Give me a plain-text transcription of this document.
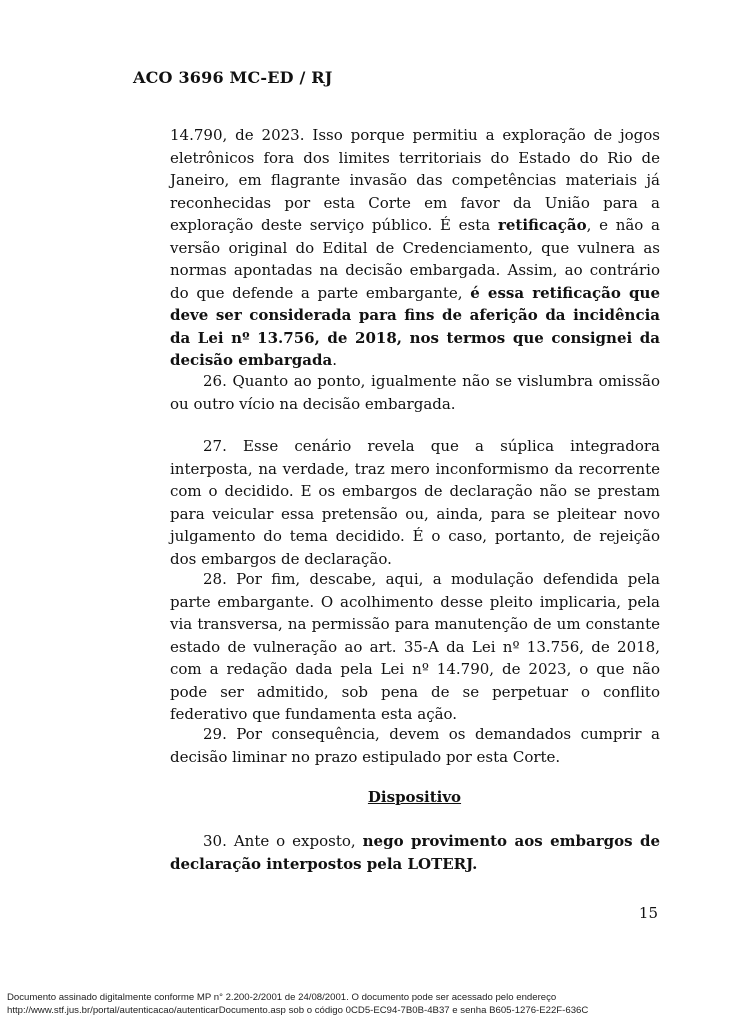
ACO 3696 MC-ED / RJ

14.790, de 2023. Isso porque permitiu a exploração de jogos eletrônicos fora dos limites territoriais do Estado do Rio de Janeiro, em flagrante invasão das competências materiais já reconhecidas por esta Corte em favor da União para a exploração deste serviço público. É esta retificação, e não a versão original do Edital de Credenciamento, que vulnera as normas apontadas na decisão embargada. Assim, ao contrário do que defende a parte embargante, é essa retificação que deve ser considerada para fins de aferição da incidência da Lei nº 13.756, de 2018, nos termos que consignei da decisão embargada.

26. Quanto ao ponto, igualmente não se vislumbra omissão ou outro vício na decisão embargada.

27. Esse cenário revela que a súplica integradora interposta, na verdade, traz mero inconformismo da recorrente com o decidido. E os embargos de declaração não se prestam para veicular essa pretensão ou, ainda, para se pleitear novo julgamento do tema decidido. É o caso, portanto, de rejeição dos embargos de declaração.

28. Por fim, descabe, aqui, a modulação defendida pela parte embargante. O acolhimento desse pleito implicaria, pela via transversa, na permissão para manutenção de um constante estado de vulneração ao art. 35-A da Lei nº 13.756, de 2018, com a redação dada pela Lei nº 14.790, de 2023, o que não pode ser admitido, sob pena de se perpetuar o conflito federativo que fundamenta esta ação.

29. Por consequência, devem os demandados cumprir a decisão liminar no prazo estipulado por esta Corte.

Dispositivo

30. Ante o exposto, nego provimento aos embargos de declaração interpostos pela LOTERJ.

15
Documento assinado digitalmente conforme MP n° 2.200-2/2001 de 24/08/2001. O documento pode ser acessado pelo endereço
http://www.stf.jus.br/portal/autenticacao/autenticarDocumento.asp sob o código 0CD5-EC94-7B0B-4B37 e senha B605-1276-E22F-636C
